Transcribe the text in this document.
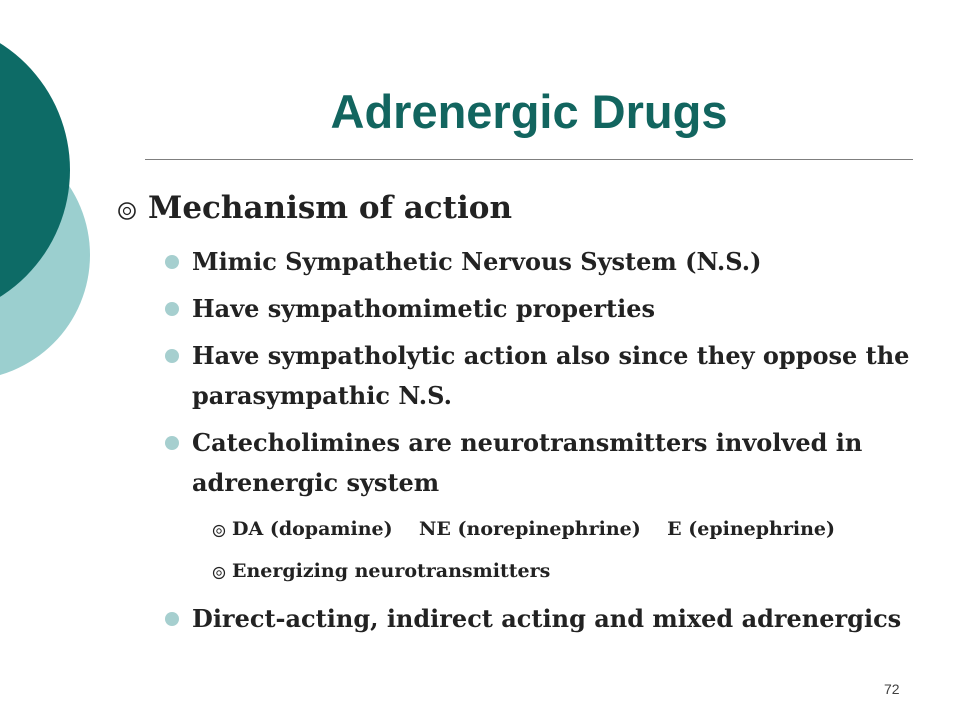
Adrenergic Drugs
Mechanism of action
Mimic Sympathetic Nervous System (N.S.)
Have sympathomimetic properties
Have sympatholytic action also since they oppose the parasympathic N.S.
Catecholimines are neurotransmitters involved in adrenergic system
DA (dopamine)    NE (norepinephrine)    E (epinephrine)
Energizing neurotransmitters
Direct-acting, indirect acting and mixed adrenergics
72
